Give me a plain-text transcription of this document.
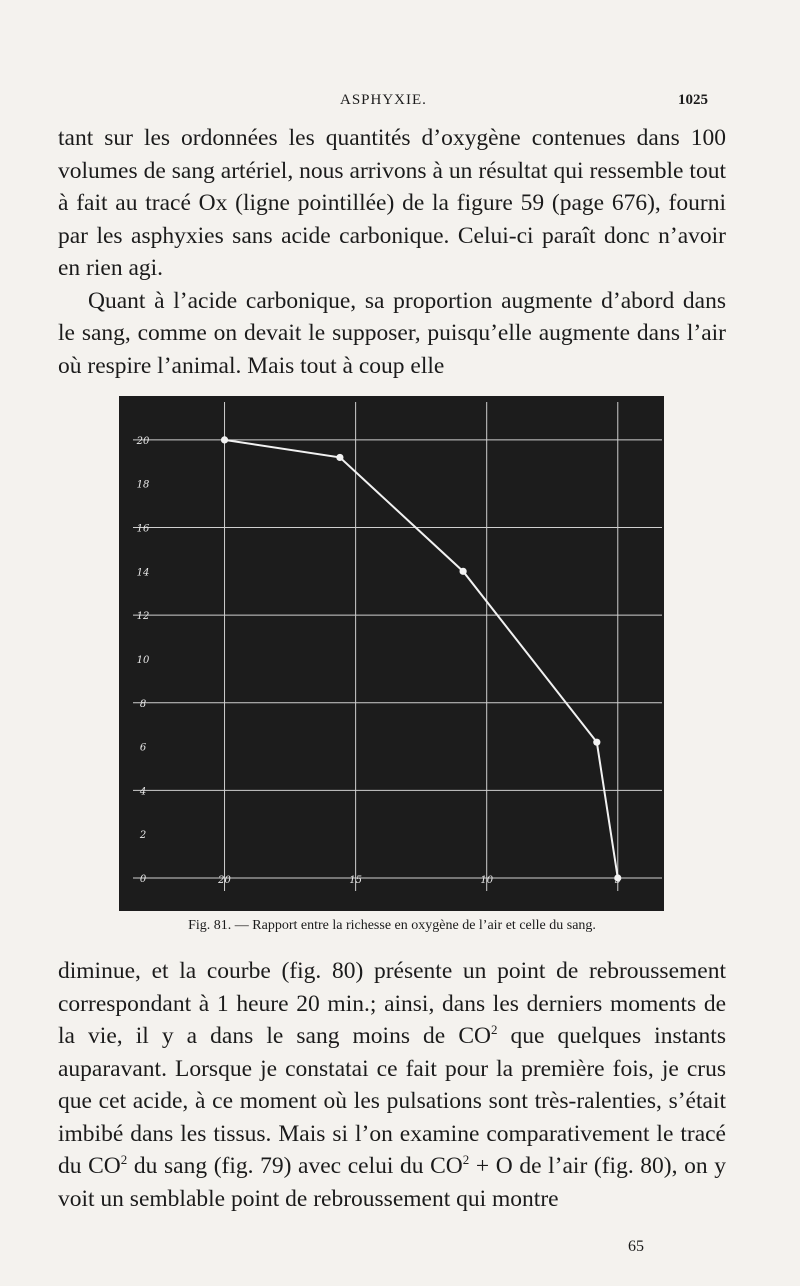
ASPHYXIE.	1025

tant sur les ordonnées les quantités d’oxygène contenues dans 100 volumes de sang artériel, nous arrivons à un résultat qui ressemble tout à fait au tracé Ox (ligne pointillée) de la figure 59 (page 676), fourni par les asphyxies sans acide carbonique. Celui-ci paraît donc n’avoir en rien agi.

Quant à l’acide carbonique, sa proportion augmente d’abord dans le sang, comme on devait le supposer, puisqu’elle augmente dans l’air où respire l’animal. Mais tout à coup elle

20
18
16
14
12
10
8
6
4
2
0	20	15	10
Fig. 81. — Rapport entre la richesse en oxygène de l’air et celle du sang.

diminue, et la courbe (fig. 80) présente un point de rebroussement correspondant à 1 heure 20 min.; ainsi, dans les derniers moments de la vie, il y a dans le sang moins de $CO^2$ que quelques instants auparavant. Lorsque je constatai ce fait pour la première fois, je crus que cet acide, à ce moment où les pulsations sont très-ralenties, s’était imbibé dans les tissus. Mais si l’on examine comparativement le tracé du $CO^2$ du sang (fig. 79) avec celui du $CO^2 + O$ de l’air (fig. 80), on y voit un semblable point de rebroussement qui montre

65
